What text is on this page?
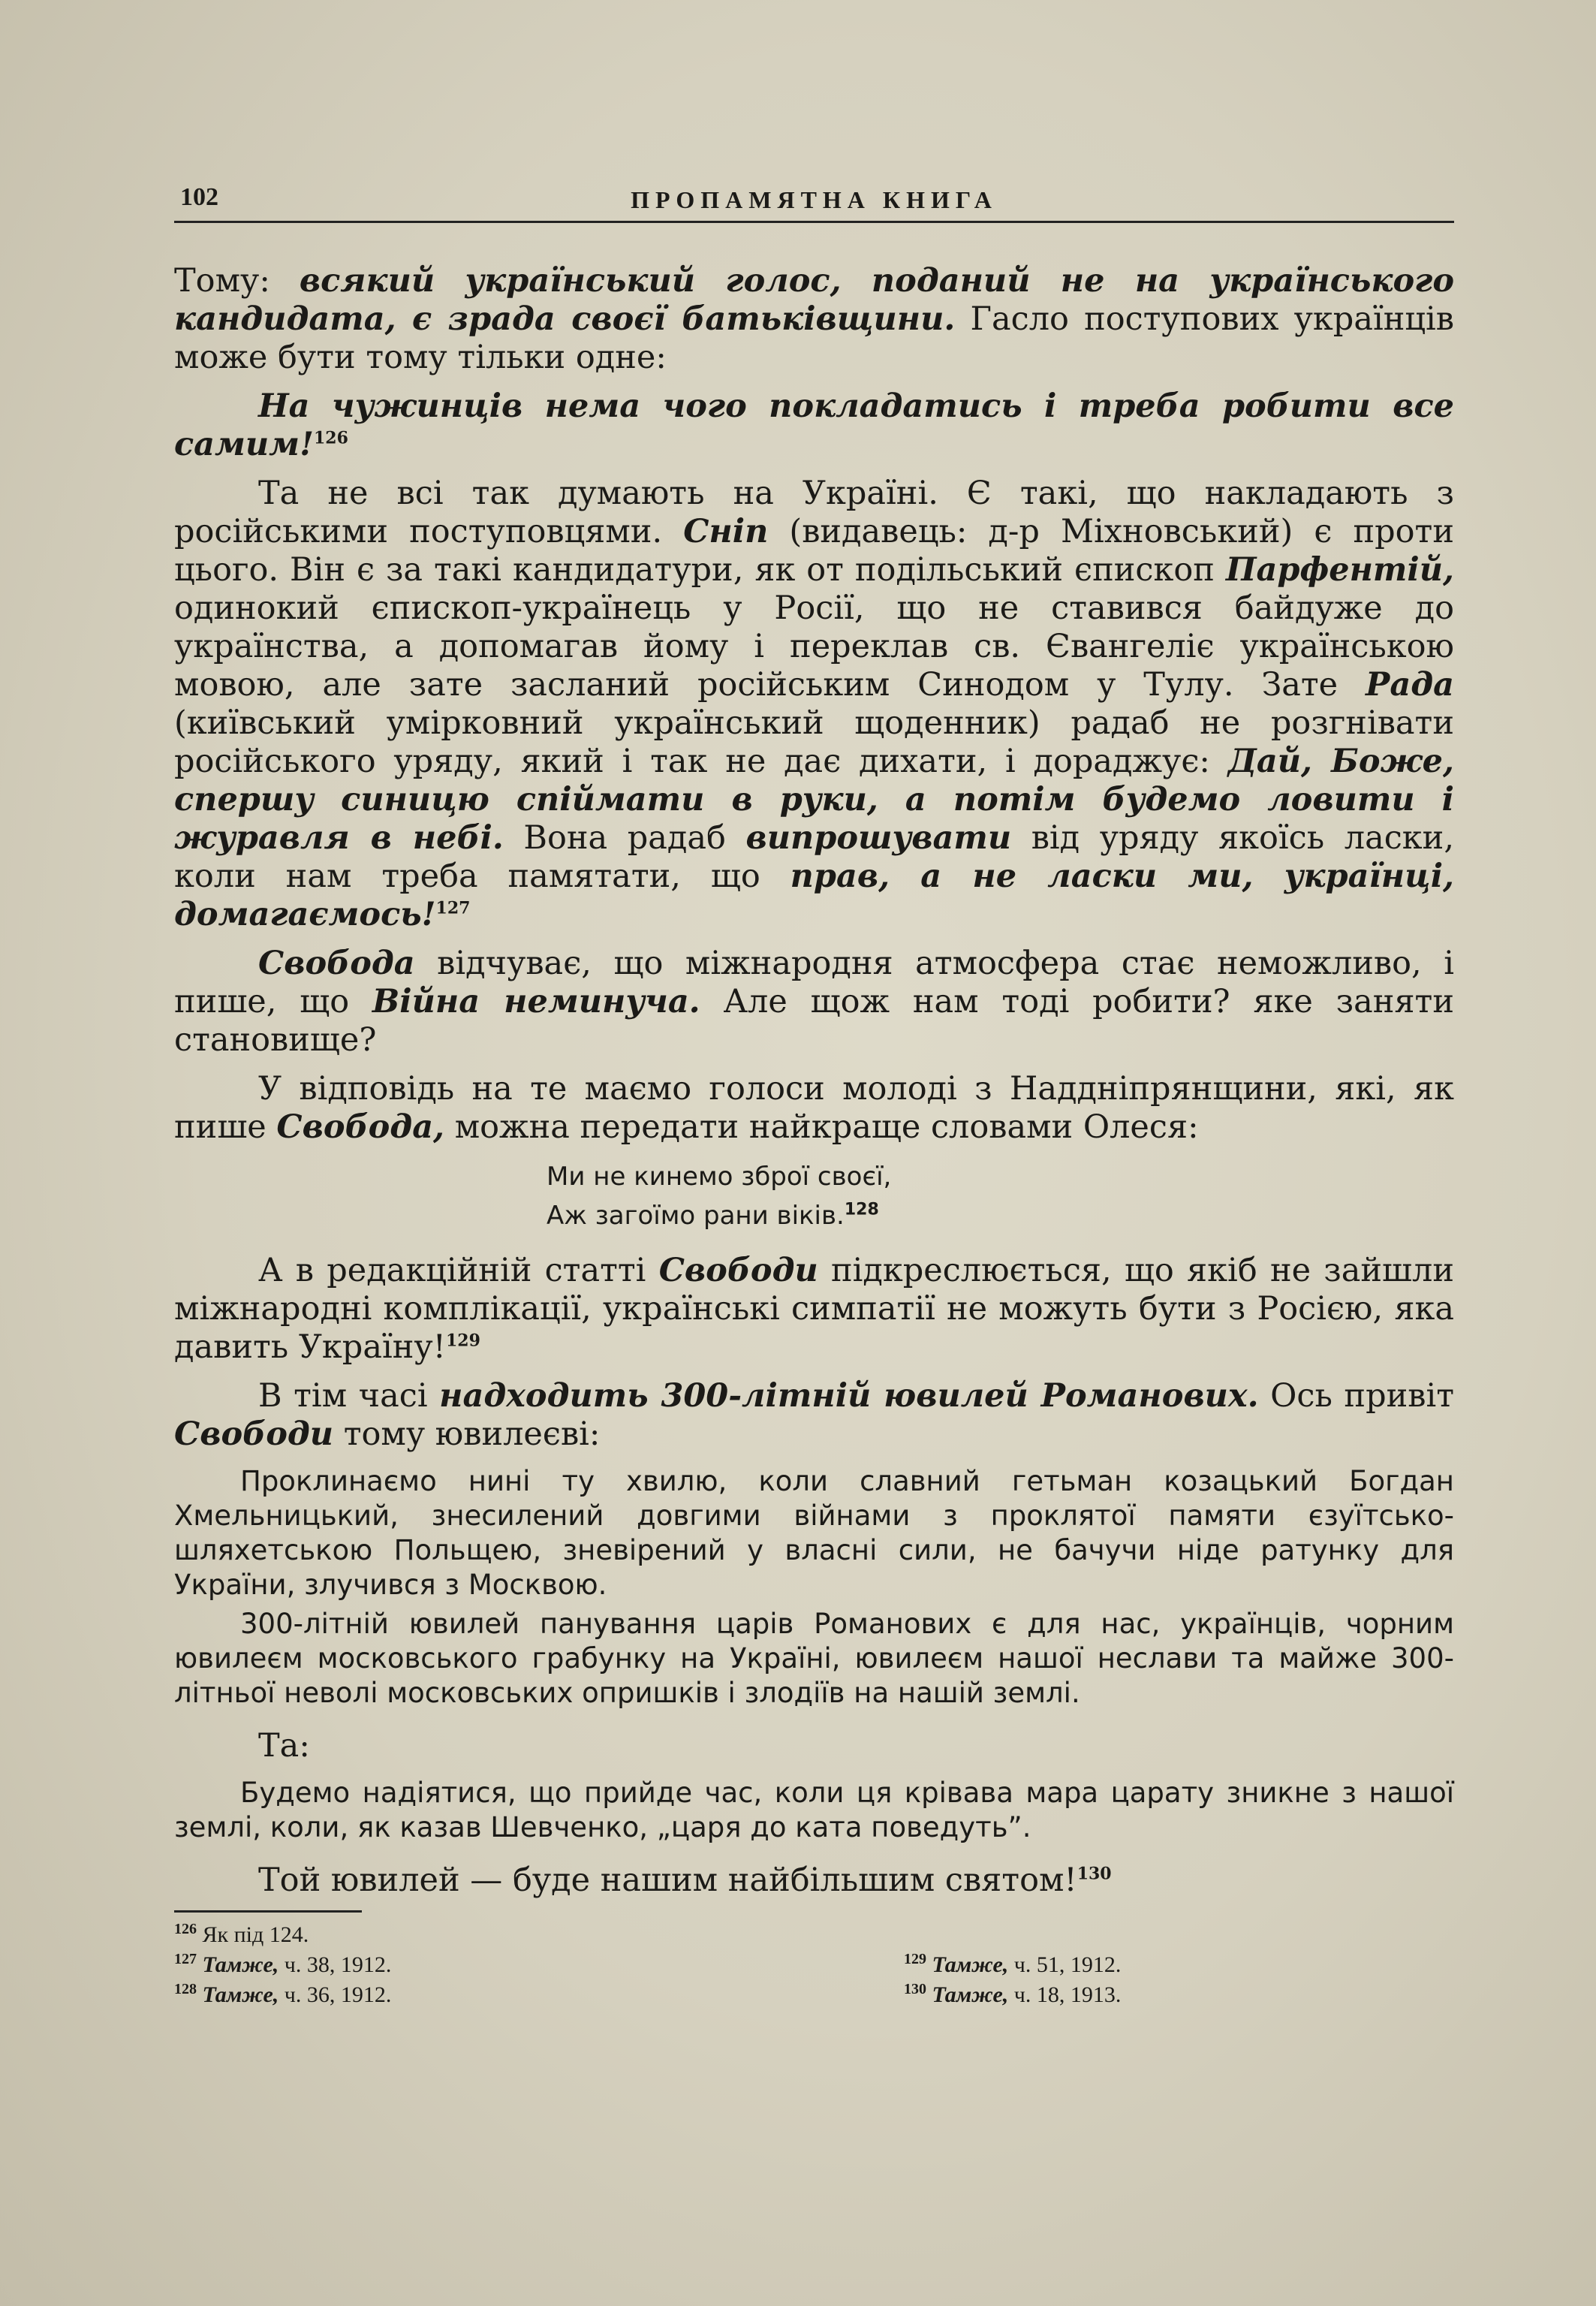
102	ПРОПАМЯТНА КНИГА

Тому: всякий український голос, поданий не на українського кандидата, є зрада своєї батьківщини. Гасло поступових українців може бути тому тільки одне:

На чужинців нема чого покладатись і треба робити все самим!$^{126}$

Та не всі так думають на Україні. Є такі, що накладають з російськими поступовцями. Сніп (видавець: д-р Міхновський) є проти цього. Він є за такі кандидатури, як от подільський єпископ Парфентій, одинокий єпископ-українець у Росії, що не ставився байдуже до українства, а допомагав йому і переклав св. Євангеліє українською мовою, але зате засланий російським Синодом у Тулу. Зате Рада (київський умірковний український щоденник) радаб не розгнівати російського уряду, який і так не дає дихати, і дораджує: Дай, Боже, спершу синицю спіймати в руки, а потім будемо ловити і журавля в небі. Вона радаб випрошувати від уряду якоїсь ласки, коли нам треба памятати, що прав, а не ласки ми, українці, домагаємось!$^{127}$

Свобода відчуває, що міжнародня атмосфера стає неможливо, і пише, що Війна неминуча. Але щож нам тоді робити? яке заняти становище?

У відповідь на те маємо голоси молоді з Наддніпрянщини, які, як пише Свобода, можна передати найкраще словами Олеся:

Ми не кинемо зброї своєї,
Аж загоїмо рани віків.$^{128}$

А в редакційній статті Свободи підкреслюється, що якіб не зайшли міжнародні комплікації, українські симпатії не можуть бути з Росією, яка давить Україну!$^{129}$

В тім часі надходить 300-літній ювилей Романових. Ось привіт Свободи тому ювилеєві:

Проклинаємо нині ту хвилю, коли славний гетьман козацький Богдан Хмельницький, знесилений довгими війнами з проклятої памяти єзуїтсько-шляхетською Польщею, зневірений у власні сили, не бачучи ніде ратунку для України, злучився з Москвою.

300-літній ювилей панування царів Романових є для нас, українців, чорним ювилеєм московського грабунку на Україні, ювилеєм нашої неслави та майже 300-літньої неволі московських опришків і злодіїв на нашій землі.

Та:

Будемо надіятися, що прийде час, коли ця крівава мара царату зникне з нашої землі, коли, як казав Шевченко, „царя до ката поведуть”.

Той ювилей — буде нашим найбільшим святом!$^{130}$

$^{126}$ Як під 124.
$^{127}$ Тамже, ч. 38, 1912.
$^{128}$ Тамже, ч. 36, 1912.
$^{129}$ Тамже, ч. 51, 1912.
$^{130}$ Тамже, ч. 18, 1913.
